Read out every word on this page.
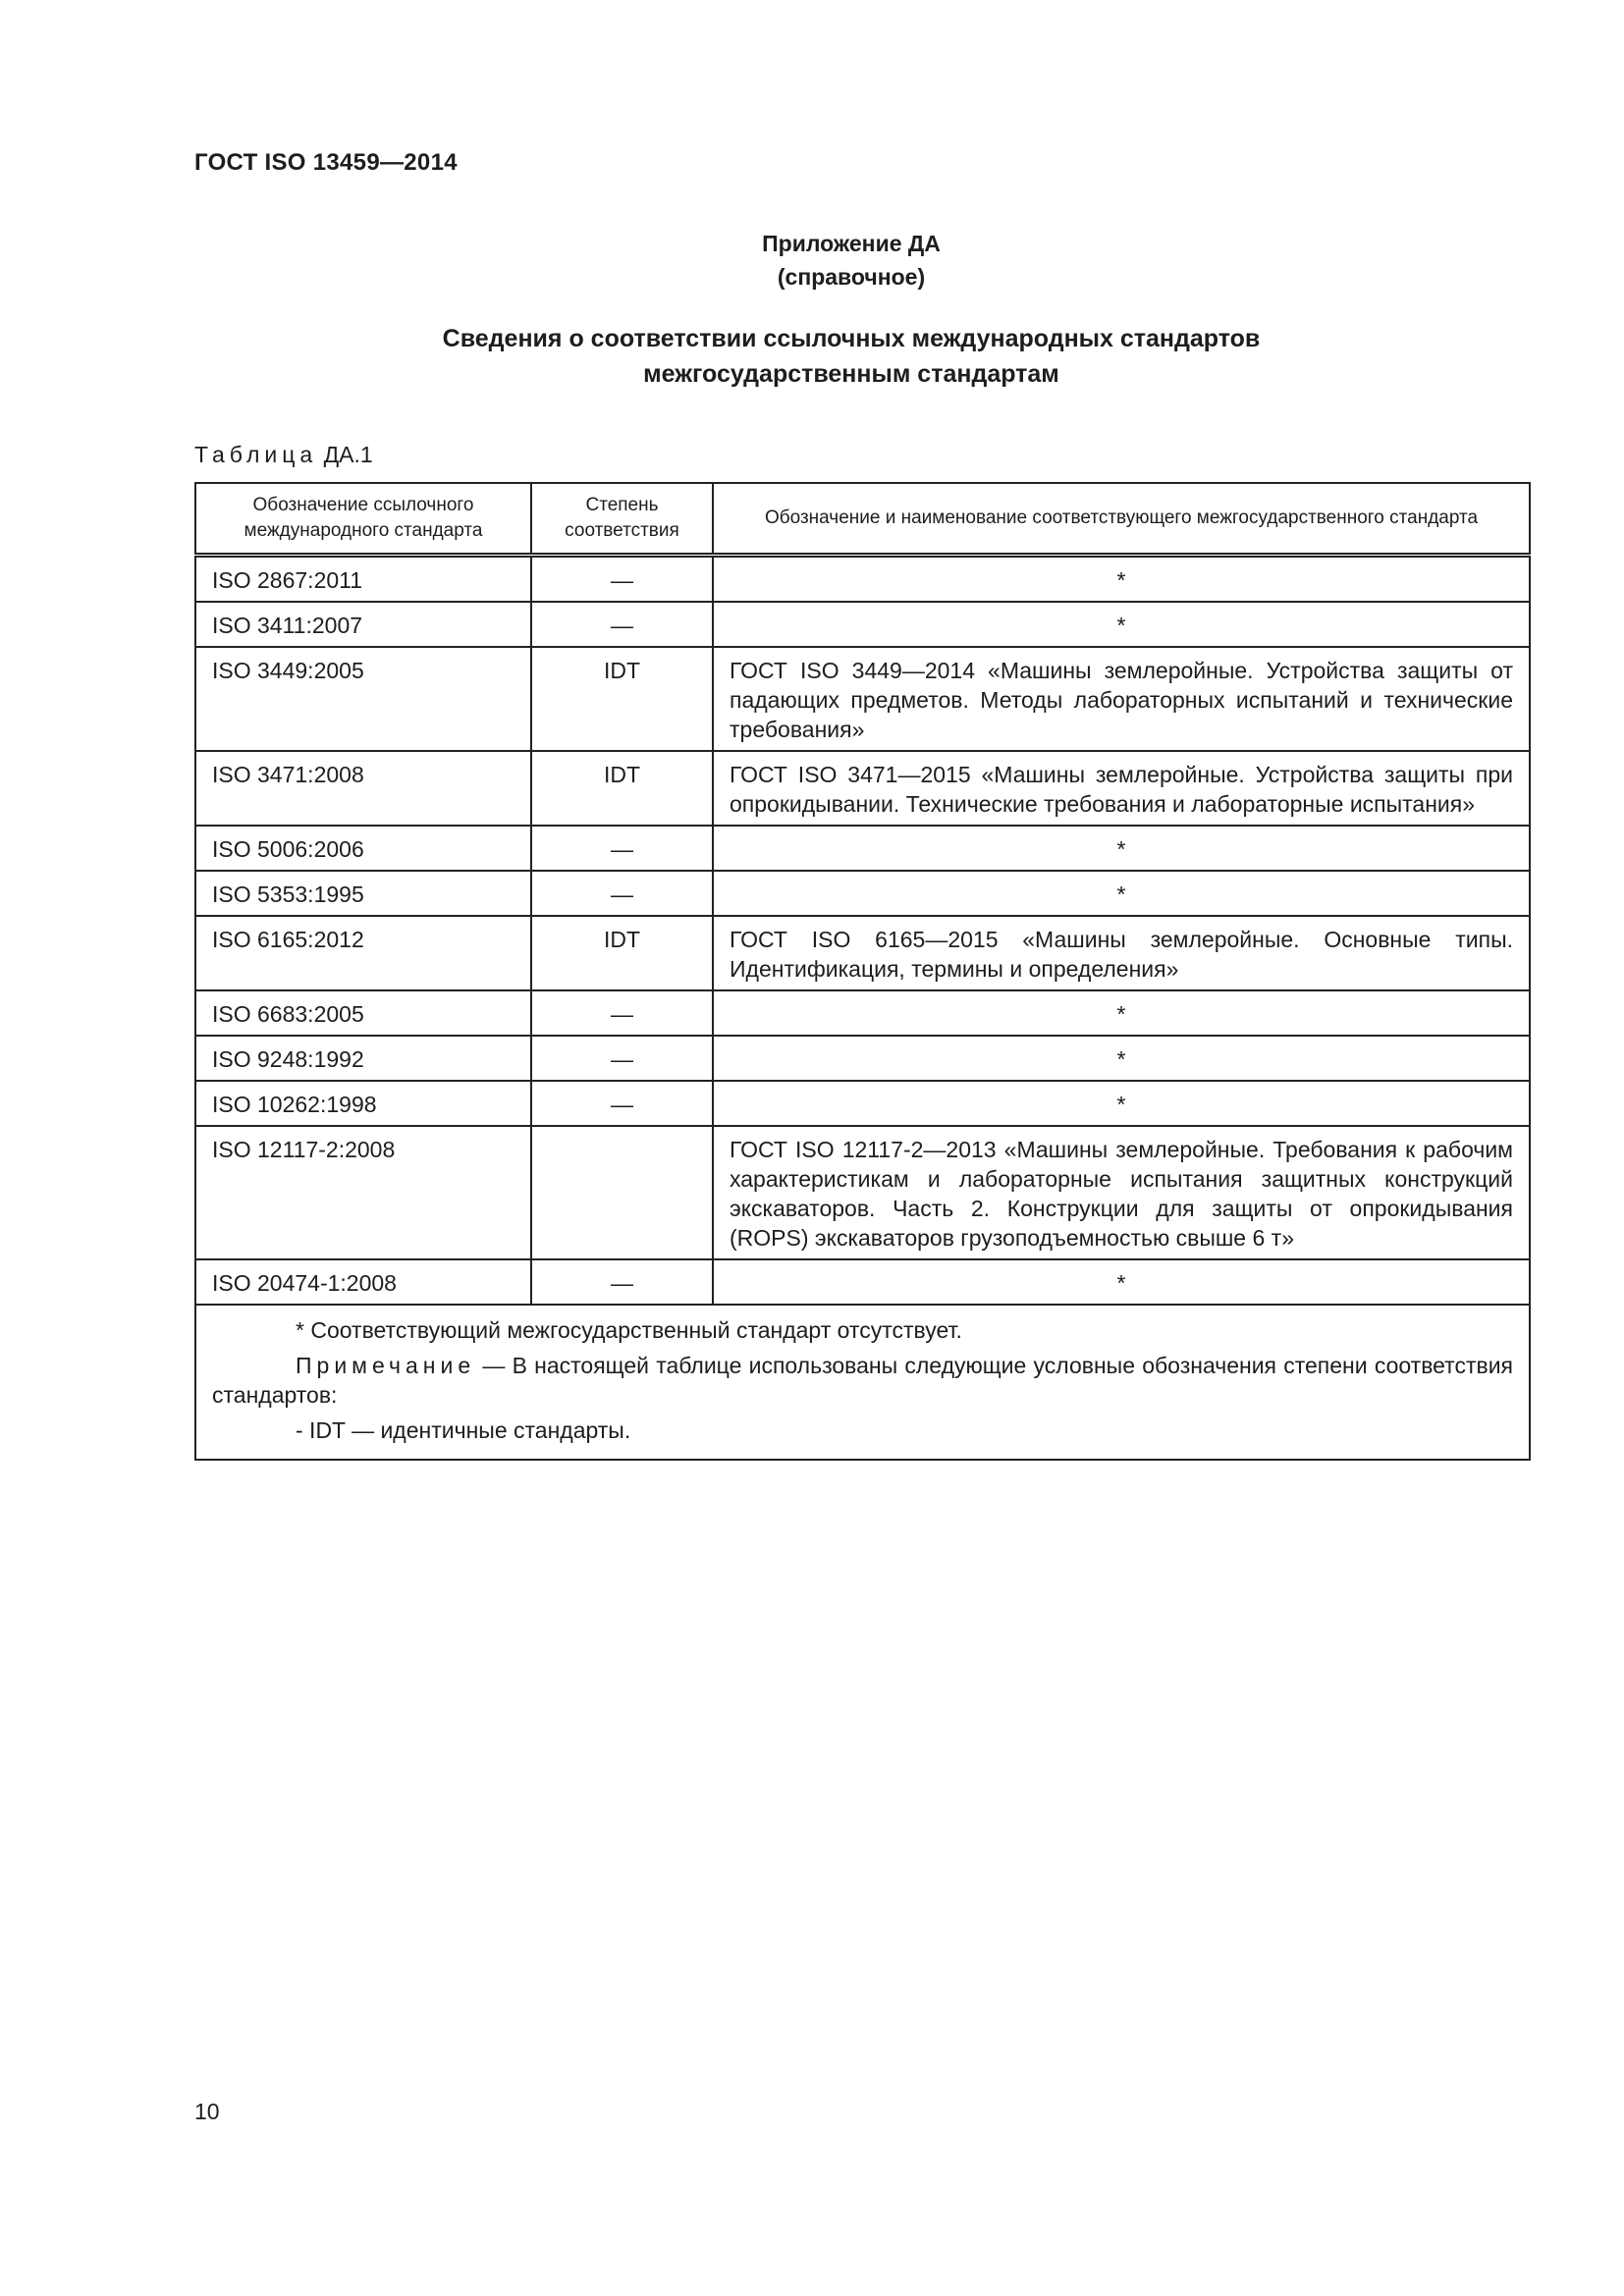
ГОСТ ISO 13459—2014
Приложение ДА
(справочное)
Сведения о соответствии ссылочных международных стандартов
межгосударственным стандартам
Таблица ДА.1
Обозначение ссылочного международного стандарта	Степень соответствия	Обозначение и наименование соответствующего межгосударственного стандарта
ISO 2867:2011	—	*
ISO 3411:2007	—	*
ISO 3449:2005	IDT	ГОСТ ISO 3449—2014 «Машины землеройные. Устройства защиты от падающих предметов. Методы лабораторных испытаний и технические требования»
ISO 3471:2008	IDT	ГОСТ ISO 3471—2015 «Машины землеройные. Устройства защиты при опрокидывании. Технические требования и лабораторные испытания»
ISO 5006:2006	—	*
ISO 5353:1995	—	*
ISO 6165:2012	IDT	ГОСТ ISO 6165—2015 «Машины землеройные. Основные типы. Идентификация, термины и определения»
ISO 6683:2005	—	*
ISO 9248:1992	—	*
ISO 10262:1998	—	*
ISO 12117-2:2008		ГОСТ ISO 12117-2—2013 «Машины землеройные. Требования к рабочим характеристикам и лабораторные испытания защитных конструкций экскаваторов. Часть 2. Конструкции для защиты от опрокидывания (ROPS) экскаваторов грузоподъемностью свыше 6 т»
ISO 20474-1:2008	—	*

* Соответствующий межгосударственный стандарт отсутствует.
Примечание — В настоящей таблице использованы следующие условные обозначения степени соответствия стандартов:
- IDT — идентичные стандарты.		
10
